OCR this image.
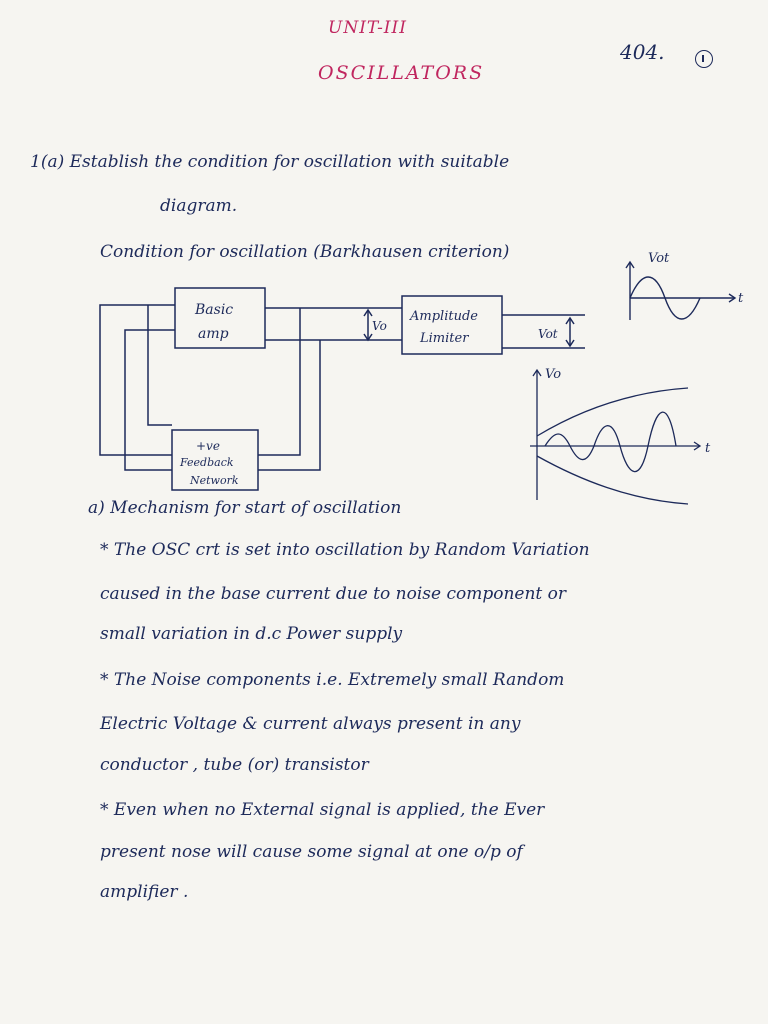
UNIT-III
OSCILLATORS
404.
1(a) Establish the condition for oscillation with suitable
diagram.
Condition for oscillation (Barkhausen criterion)
Basic
amp
Amplitude
Limiter
+ve
Feedback
Network
Vo
Vot
Vot
t
Vo
t
a) Mechanism for start of oscillation
* The OSC crt is set into oscillation by Random Variation
caused in the base current due to noise component or
small variation in d.c Power supply
* The Noise components i.e. Extremely small Random
Electric Voltage & current always present in any
conductor , tube (or) transistor
* Even when no External signal is applied, the Ever
present nose will cause some signal at one o/p of
amplifier .
